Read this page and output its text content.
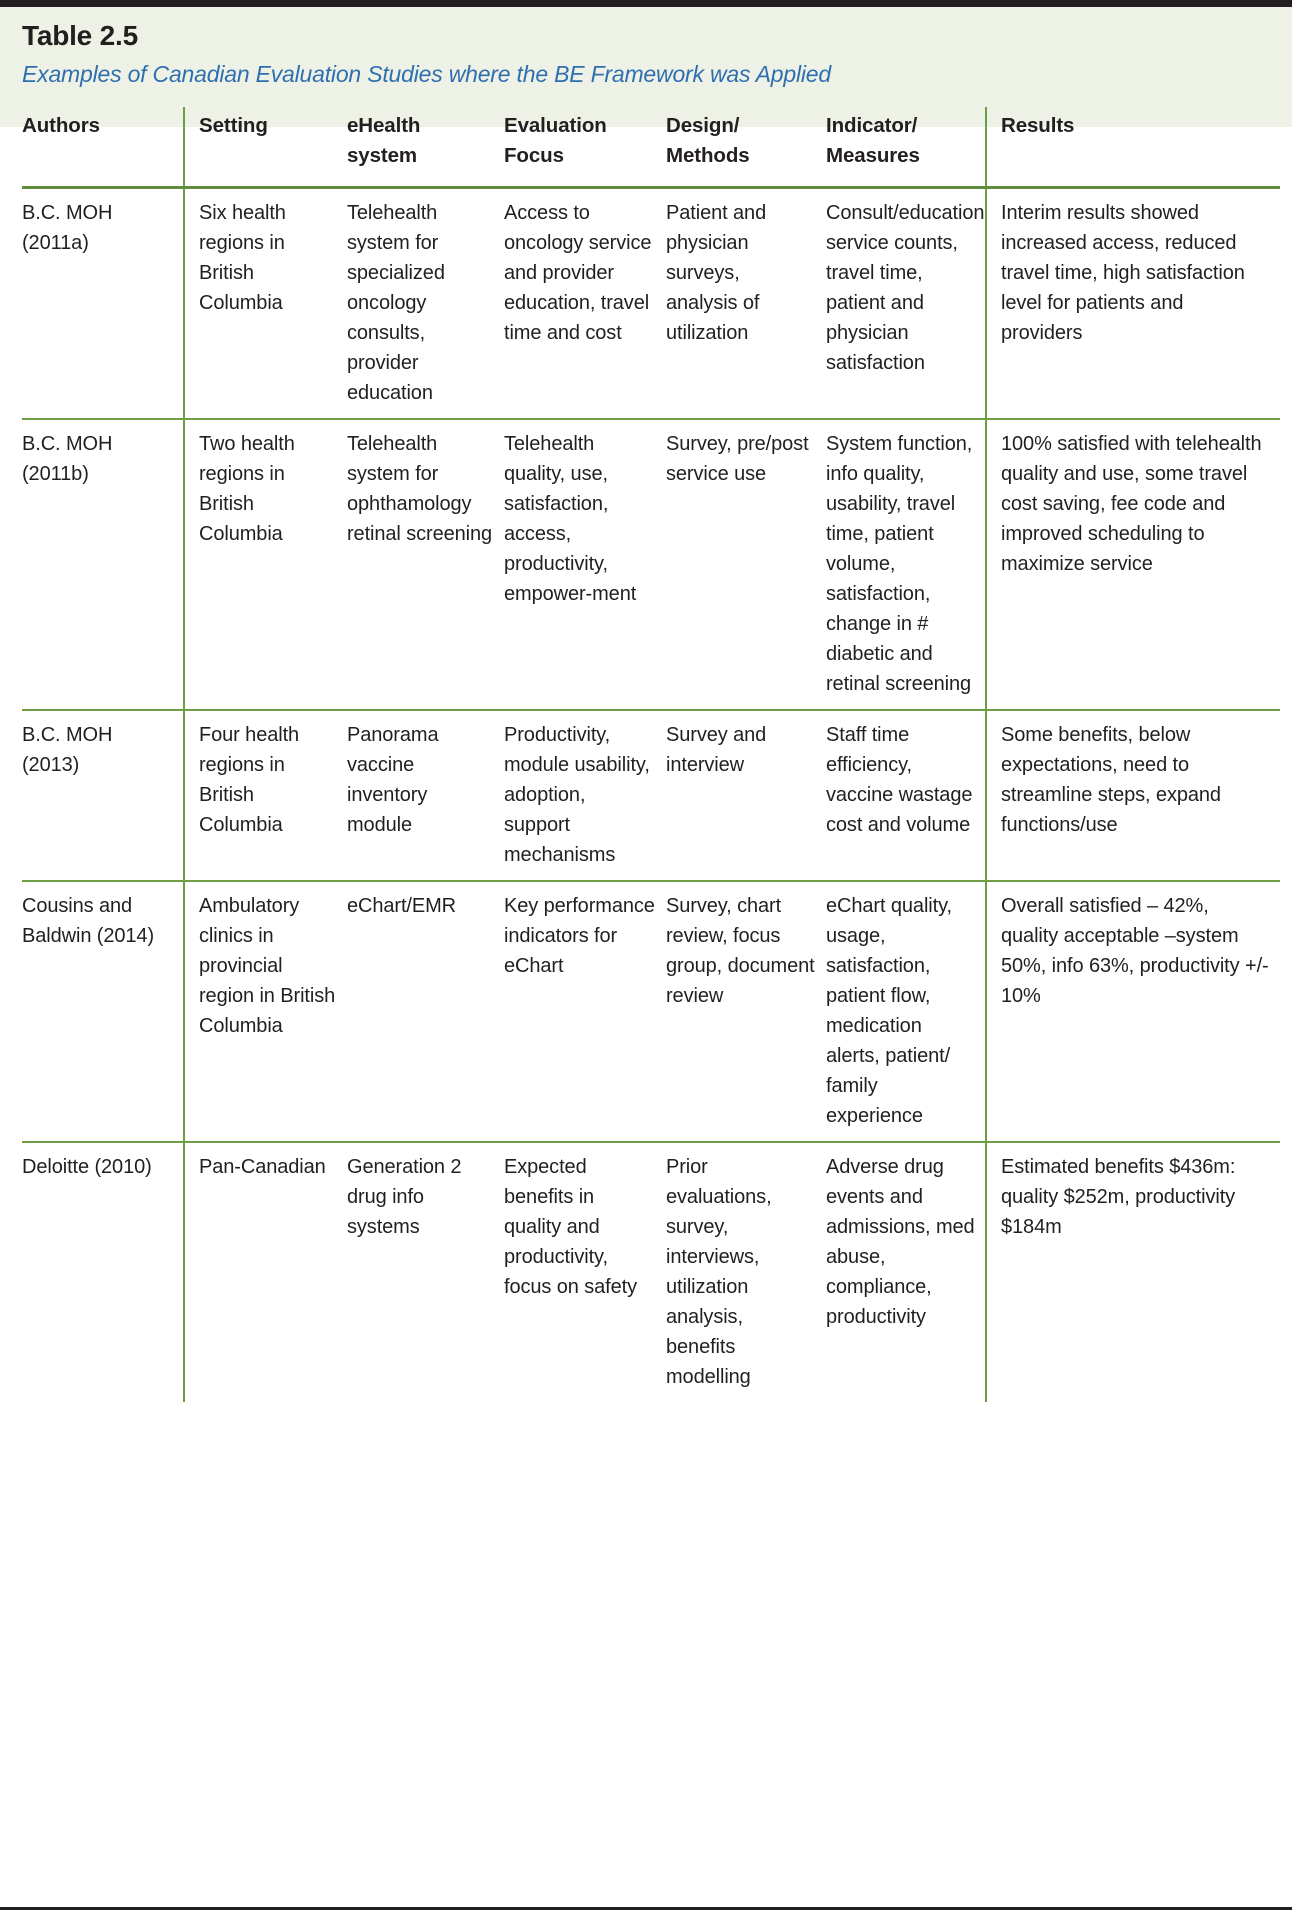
Table 2.5
Examples of Canadian Evaluation Studies where the BE Framework was Applied
Authors	Setting	eHealth system	Evaluation Focus	Design/ Methods	Indicator/ Measures	Results
B.C. MOH (2011a)	Six health regions in British Columbia	Telehealth system for specialized oncology consults, provider education	Access to oncology service and provider education, travel time and cost	Patient and physician surveys, analysis of utilization	Consult/education service counts, travel time, patient and physician satisfaction	Interim results showed increased access, reduced travel time, high satisfaction level for patients and providers
B.C. MOH (2011b)	Two health regions in British Columbia	Telehealth system for ophthamology retinal screening	Telehealth quality, use, satisfaction, access, productivity, empower-ment	Survey, pre/post service use	System function, info quality, usability, travel time, patient volume, satisfaction, change in # diabetic and retinal screening	100% satisfied with telehealth quality and use, some travel cost saving, fee code and improved scheduling to maximize service
B.C. MOH (2013)	Four health regions in British Columbia	Panorama vaccine inventory module	Productivity, module usability, adoption, support mechanisms	Survey and interview	Staff time efficiency, vaccine wastage cost and volume	Some benefits, below expectations, need to streamline steps, expand functions/use
Cousins and Baldwin (2014)	Ambulatory clinics in provincial region in British Columbia	eChart/EMR	Key performance indicators for eChart	Survey, chart review, focus group, document review	eChart quality, usage, satisfaction, patient flow, medication alerts, patient/ family experience	Overall satisfied – 42%, quality acceptable –system 50%, info 63%, productivity +/- 10%
Deloitte (2010)	Pan-Canadian	Generation 2 drug info systems	Expected benefits in quality and productivity, focus on safety	Prior evaluations, survey, interviews, utilization analysis, benefits modelling	Adverse drug events and admissions, med abuse, compliance, productivity	Estimated benefits $436m: quality $252m, productivity $184m
